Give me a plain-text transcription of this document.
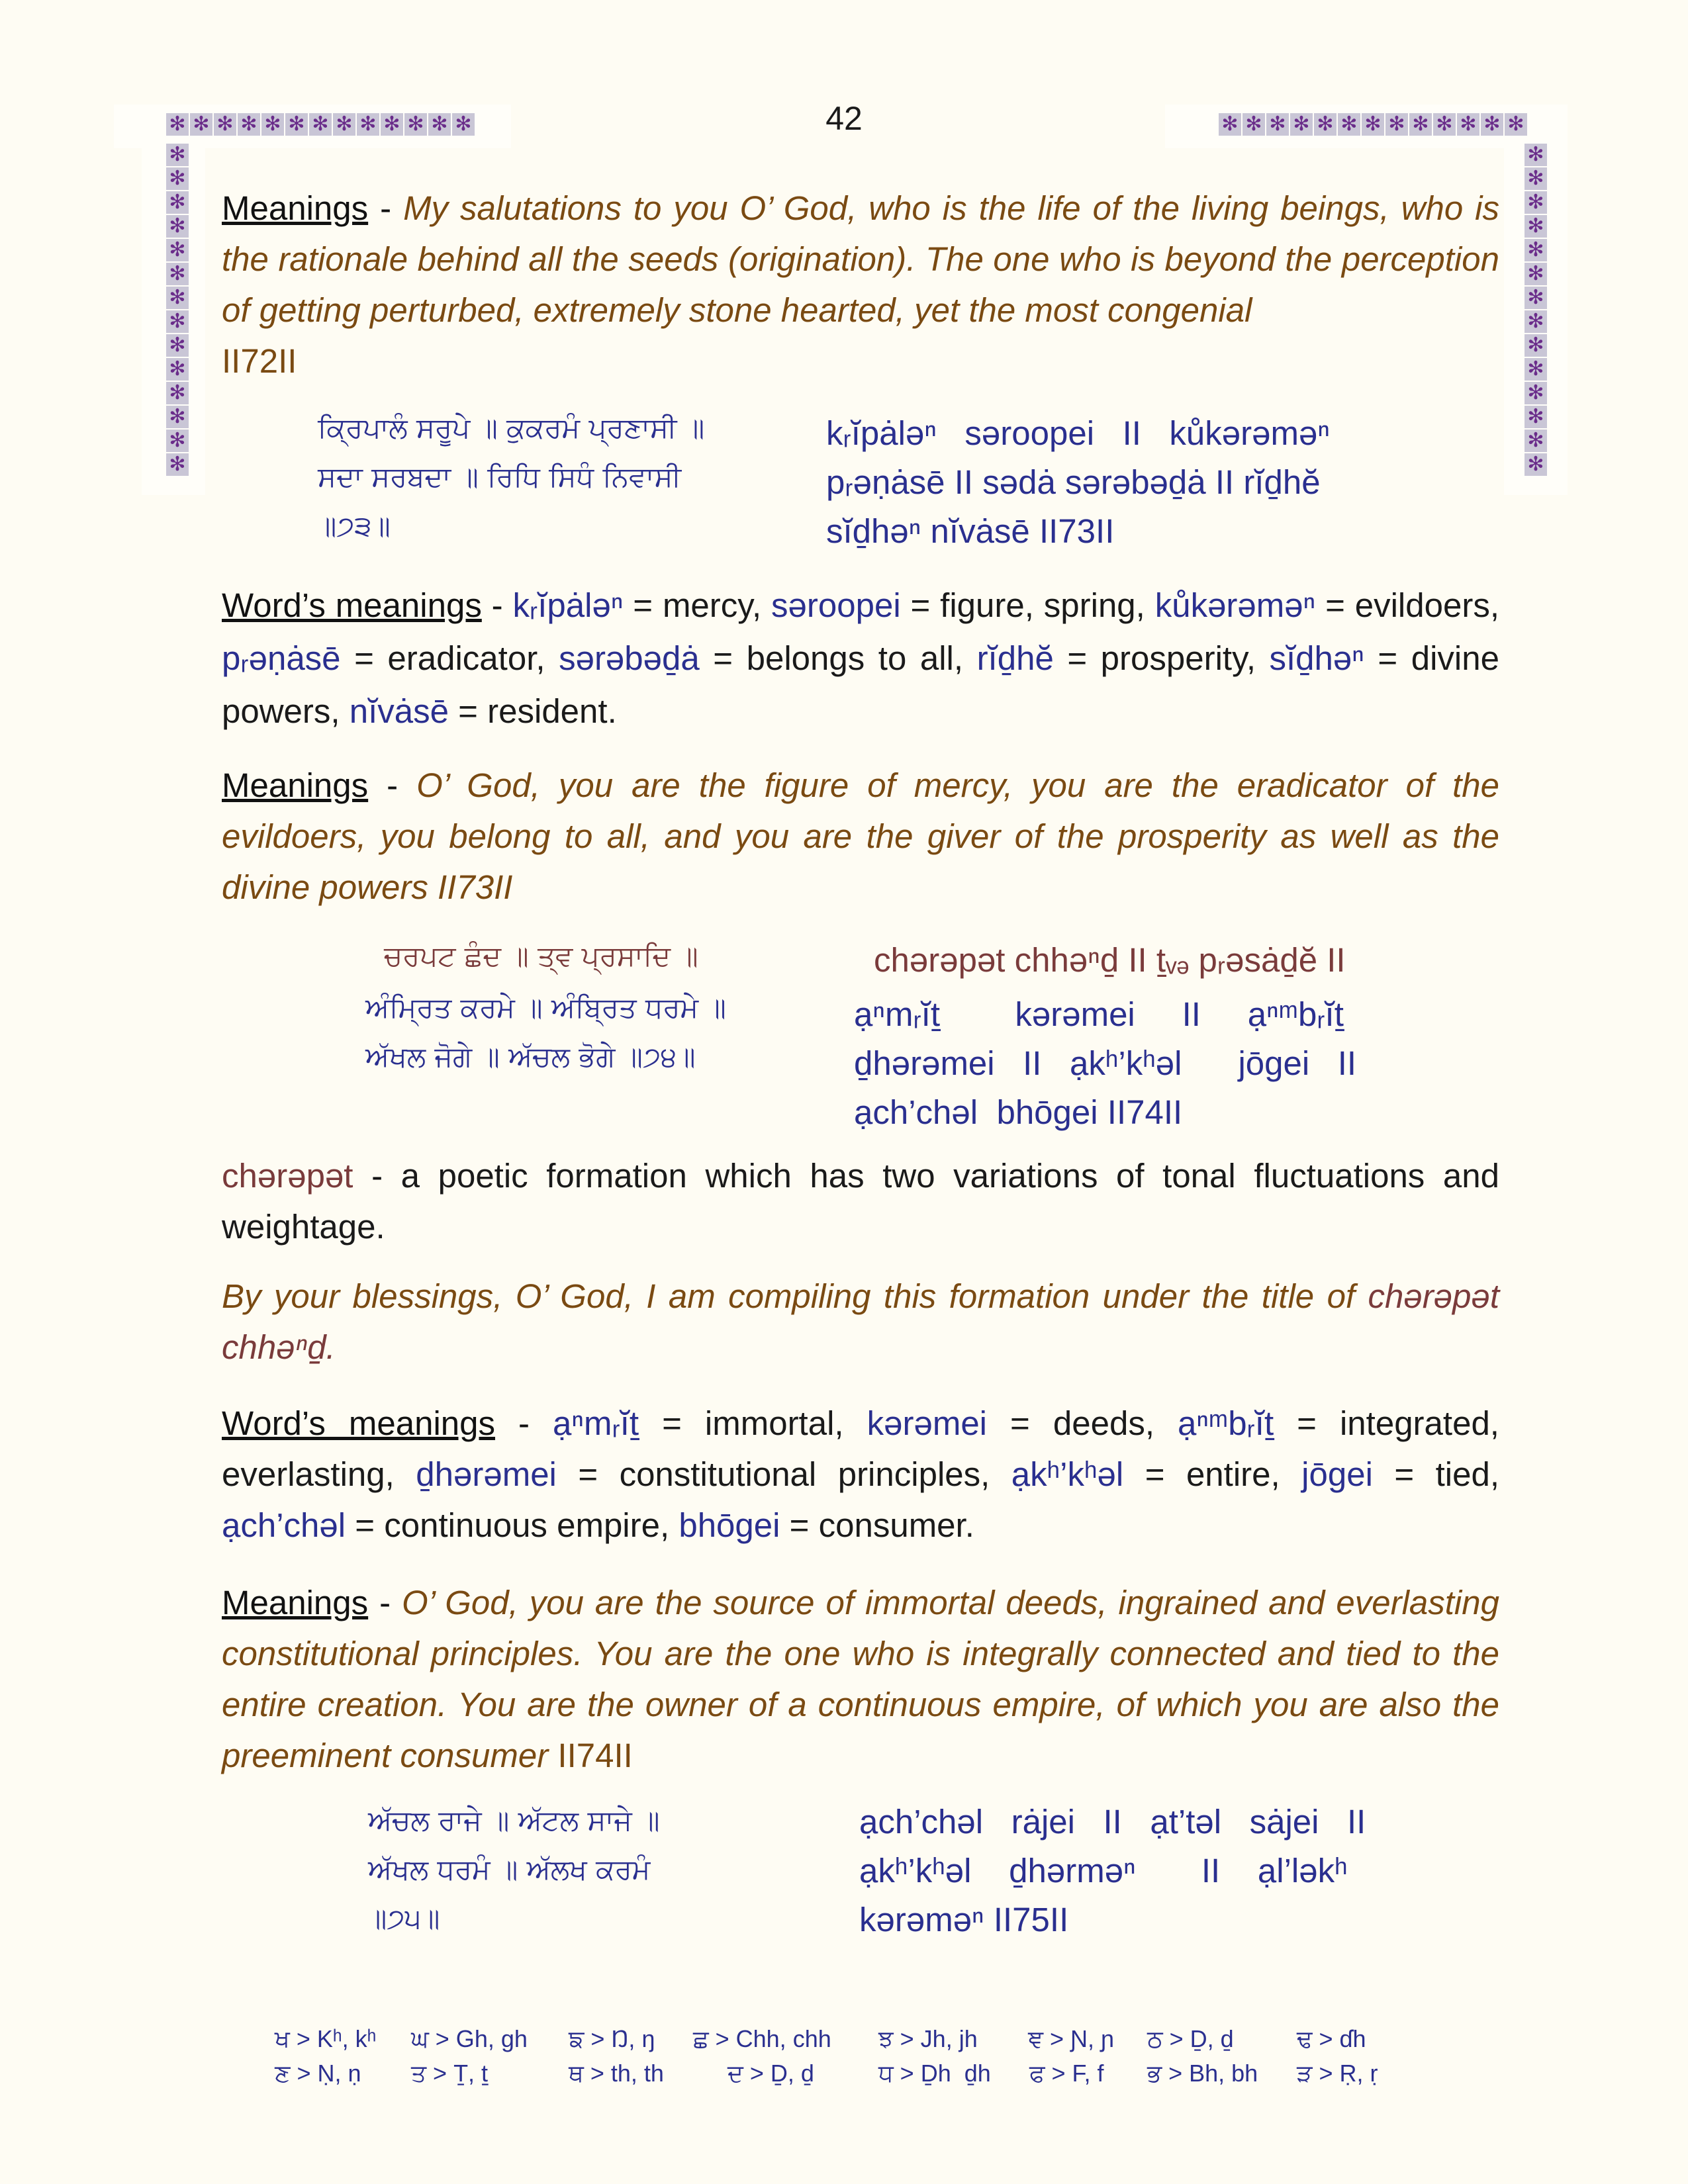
✻ ✻ ✻ ✻ ✻ ✻ ✻ ✻ ✻ ✻ ✻ ✻ ✻	✻ ✻ ✻ ✻ ✻ ✻ ✻ ✻ ✻ ✻ ✻ ✻ ✻
✻
✻
✻
✻
✻
✻
✻
✻
✻
✻
✻
✻
✻
✻
✻
✻
✻
✻
✻
✻
✻
✻
✻
✻
✻
✻
✻
✻
42

Meanings - My salutations to you O’ God, who is the life of the living beings, who is the rationale behind all the seeds (origination). The one who is beyond the perception of getting perturbed, extremely stone hearted, yet the most congenial
II72II

ਕ੍ਰਿਪਾਲੰ ਸਰੂਪੇ ॥ ਕੁਕਰਮੰ ਪ੍ਰਣਾਸੀ ॥
ਸਦਾ ਸਰਬਦਾ ॥ ਰਿਧਿ ਸਿਧੰ ਨਿਵਾਸੀ
॥੭੩॥
kᵣĭpȧləⁿ   səroopei   II   kůkərəməⁿ
pᵣəṇȧsē II sədȧ sərəbəḏȧ II rĭḏhĕ
sĭḏhəⁿ nĭvȧsē II73II

Word’s meanings - kᵣĭpȧləⁿ = mercy, səroopei = figure, spring, kůkərəməⁿ = evildoers, pᵣəṇȧsē = eradicator, sərəbəḏȧ = belongs to all, rĭḏhĕ = prosperity, sĭḏhəⁿ = divine powers, nĭvȧsē = resident.

Meanings - O’ God, you are the figure of mercy, you are the eradicator of the evildoers, you belong to all, and you are the giver of the prosperity as well as the divine powers II73II

ਚਰਪਟ ਛੰਦ ॥ ਤ੍ਵ ਪ੍ਰਸਾਦਿ ॥	chərəpət chhəⁿḏ II ṯᵥₔ pᵣəsȧḏĕ II
ਅੰਮ੍ਰਿਤ ਕਰਮੇ ॥ ਅੰਬ੍ਰਿਤ ਧਰਮੇ ॥
ਅੱਖਲ ਜੋਗੇ ॥ ਅੱਚਲ ਭੋਗੇ ॥੭੪॥
ạⁿmᵣĭṯ        kərəmei     II     ạⁿᵐbᵣĭṯ
ḏhərəmei   II   ạkʰ’kʰəl      jōgei   II
ạch’chəl  bhōgei II74II

chərəpət - a poetic formation which has two variations of tonal fluctuations and weightage.

By your blessings, O’ God, I am compiling this formation under the title of chərəpət chhəⁿḏ.

Word’s meanings - ạⁿmᵣĭṯ = immortal, kərəmei = deeds, ạⁿᵐbᵣĭṯ = integrated, everlasting, ḏhərəmei = constitutional principles, ạkʰ’kʰəl = entire, jōgei = tied, ạch’chəl = continuous empire, bhōgei = consumer.

Meanings - O’ God, you are the source of immortal deeds, ingrained and everlasting constitutional principles. You are the one who is integrally connected and tied to the entire creation. You are the owner of a continuous empire, of which you are also the preeminent consumer II74II

ਅੱਚਲ ਰਾਜੇ ॥ ਅੱਟਲ ਸਾਜੇ ॥
ਅੱਖਲ ਧਰਮੰ ॥ ਅੱਲਖ ਕਰਮੰ
॥੭੫॥
ạch’chəl   rȧjei   II   ạt’təl   sȧjei   II
ạkʰ’kʰəl    ḏhərməⁿ       II    ạl’ləkʰ
kərəməⁿ II75II
ਖ > Kʰ, kʰ	ਘ > Gh, gh	ਙ > Ŋ, ŋ	ਛ > Chh, chh	ਝ > Jh, jh	ਞ > Ɲ, ɲ	ਠ > Ḏ, ḏ	ਢ > ɗh
ਣ > Ṇ, ṇ	ਤ > Ṯ, ṯ	ਥ > th, th	ਦ > Ḏ, ḏ	ਧ > Ḏh  ḏh	ਫ > F, f	ਭ > Bh, bh	ੜ > Ṛ, ṛ
